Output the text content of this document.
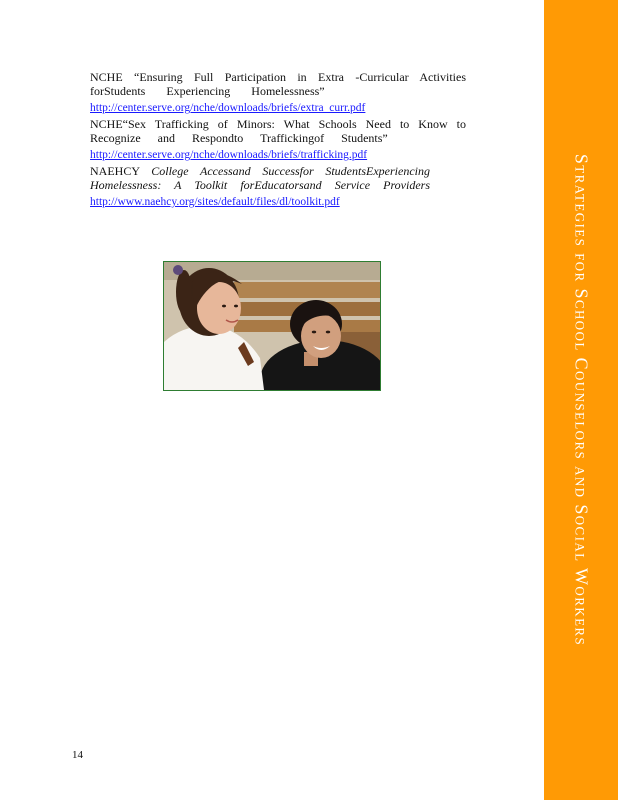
NCHE “Ensuring Full Participation in Extra -Curricular Activities
forStudents Experiencing Homelessness”
http://center.serve.org/nche/downloads/briefs/extra_curr.pdf
NCHE“Sex Trafficking of Minors: What Schools Need to Know to
Recognize and Respondto Traffickingof Students”
http://center.serve.org/nche/downloads/briefs/trafficking.pdf
NAEHCY College Accessand Successfor StudentsExperiencing
Homelessness: A Toolkit forEducatorsand Service Providers
http://www.naehcy.org/sites/default/files/dl/toolkit.pdf
14
Strategies for School Counselors and Social Workers
